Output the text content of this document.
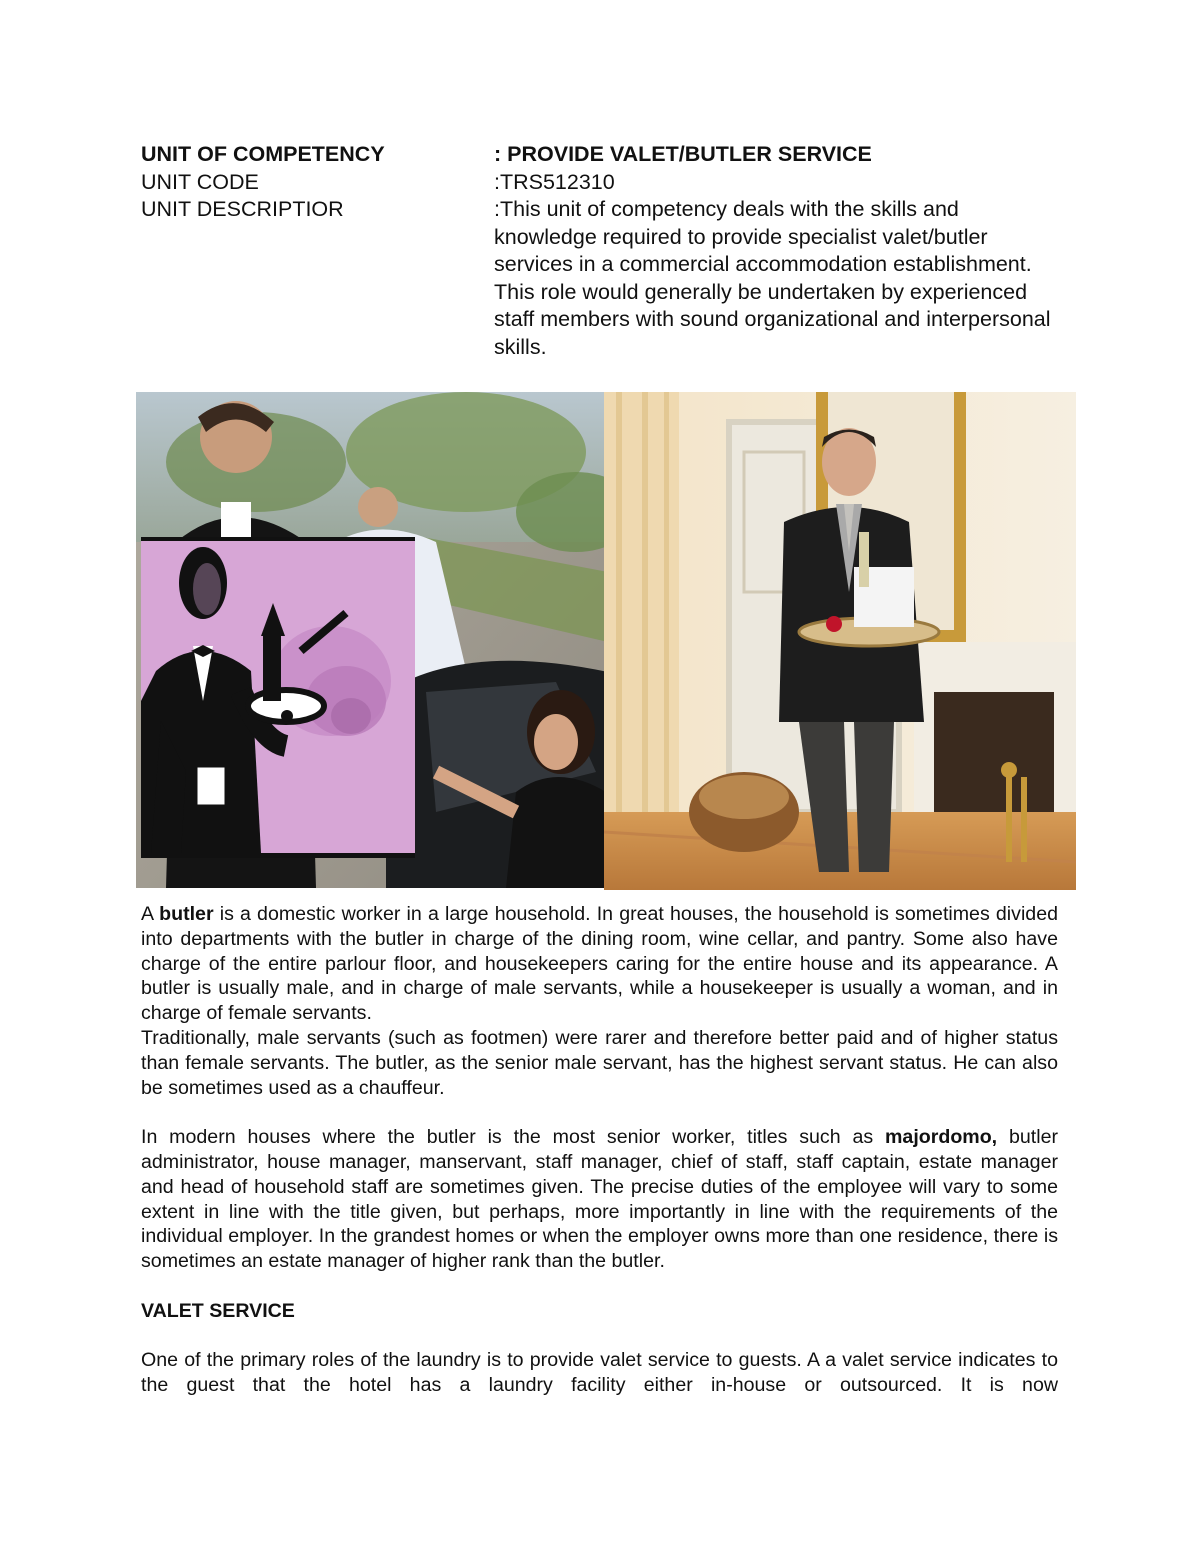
UNIT OF COMPETENCY	: PROVIDE VALET/BUTLER SERVICE
UNIT CODE	:TRS512310
UNIT DESCRIPTIOR	:This unit of competency deals with the skills and knowledge required to provide specialist valet/butler services in a commercial accommodation establishment. This role would generally be undertaken by experienced staff members with sound organizational and interpersonal skills.

A butler is a domestic worker in a large household. In great houses, the household is sometimes divided into departments with the butler in charge of the dining room, wine cellar, and pantry. Some also have charge of the entire parlour floor, and housekeepers caring for the entire house and its appearance. A butler is usually male, and in charge of male servants, while a housekeeper is usually a woman, and in charge of female servants.

Traditionally, male servants (such as footmen) were rarer and therefore better paid and of higher status than female servants. The butler, as the senior male servant, has the highest servant status. He can also be sometimes used as a chauffeur.

In modern houses where the butler is the most senior worker, titles such as majordomo, butler administrator, house manager, manservant, staff manager, chief of staff, staff captain, estate manager and head of household staff are sometimes given. The precise duties of the employee will vary to some extent in line with the title given, but perhaps, more importantly in line with the requirements of the individual employer. In the grandest homes or when the employer owns more than one residence, there is sometimes an estate manager of higher rank than the butler.

VALET SERVICE

One of the primary roles of the laundry is to provide valet service to guests. A a valet service indicates to the guest that the hotel has a laundry facility either in-house or outsourced. It is now
